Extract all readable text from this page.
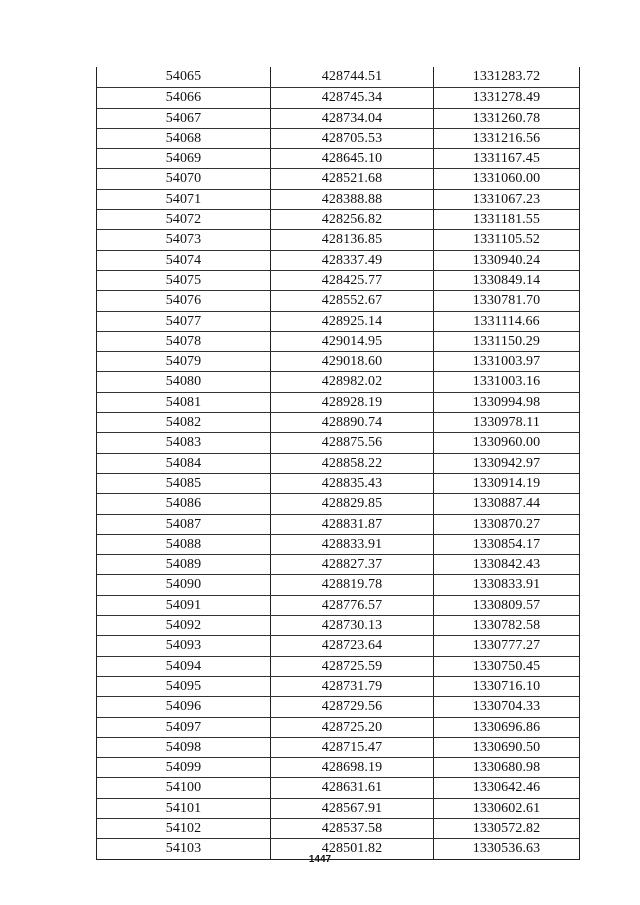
54065	428744.51	1331283.72
54066	428745.34	1331278.49
54067	428734.04	1331260.78
54068	428705.53	1331216.56
54069	428645.10	1331167.45
54070	428521.68	1331060.00
54071	428388.88	1331067.23
54072	428256.82	1331181.55
54073	428136.85	1331105.52
54074	428337.49	1330940.24
54075	428425.77	1330849.14
54076	428552.67	1330781.70
54077	428925.14	1331114.66
54078	429014.95	1331150.29
54079	429018.60	1331003.97
54080	428982.02	1331003.16
54081	428928.19	1330994.98
54082	428890.74	1330978.11
54083	428875.56	1330960.00
54084	428858.22	1330942.97
54085	428835.43	1330914.19
54086	428829.85	1330887.44
54087	428831.87	1330870.27
54088	428833.91	1330854.17
54089	428827.37	1330842.43
54090	428819.78	1330833.91
54091	428776.57	1330809.57
54092	428730.13	1330782.58
54093	428723.64	1330777.27
54094	428725.59	1330750.45
54095	428731.79	1330716.10
54096	428729.56	1330704.33
54097	428725.20	1330696.86
54098	428715.47	1330690.50
54099	428698.19	1330680.98
54100	428631.61	1330642.46
54101	428567.91	1330602.61
54102	428537.58	1330572.82
54103	428501.82	1330536.63
1447
